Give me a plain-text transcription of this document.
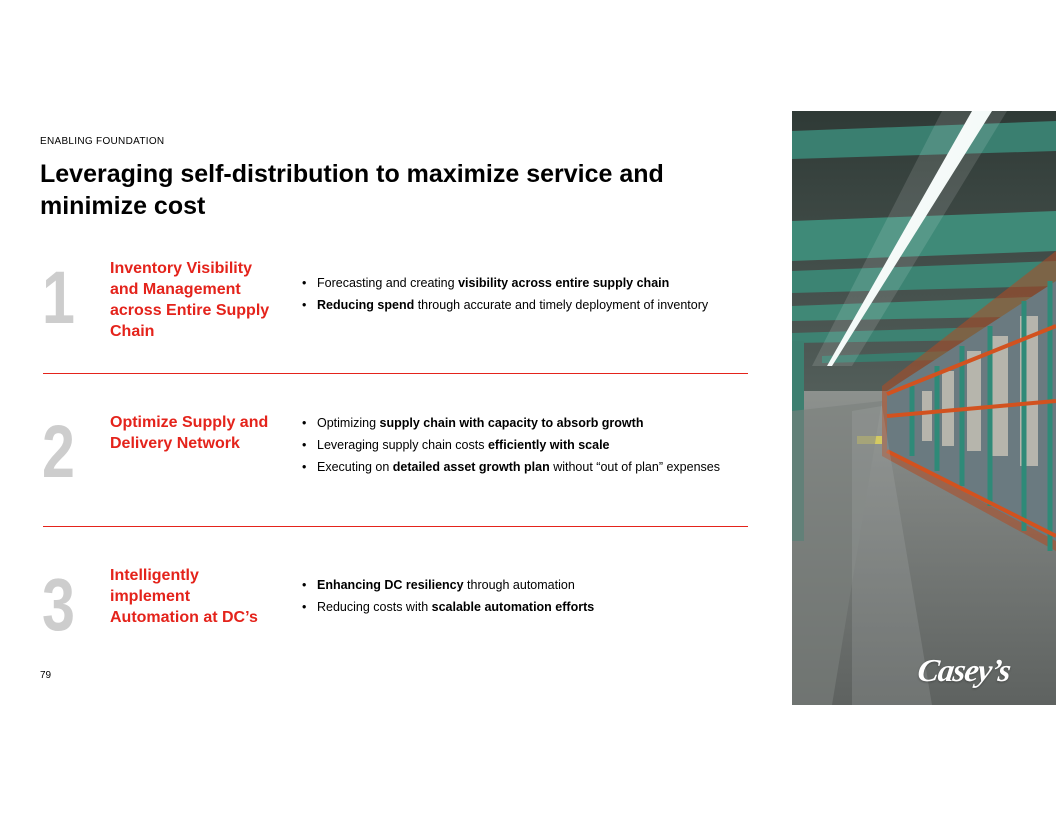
ENABLING FOUNDATION
Leveraging self-distribution to maximize service and minimize cost
1 Inventory Visibility and Management across Entire Supply Chain
• Forecasting and creating visibility across entire supply chain
• Reducing spend through accurate and timely deployment of inventory
2 Optimize Supply and Delivery Network
• Optimizing supply chain with capacity to absorb growth
• Leveraging supply chain costs efficiently with scale
• Executing on detailed asset growth plan without “out of plan” expenses
3 Intelligently implement Automation at DC’s
• Enhancing DC resiliency through automation
• Reducing costs with scalable automation efforts
79	Casey’s
